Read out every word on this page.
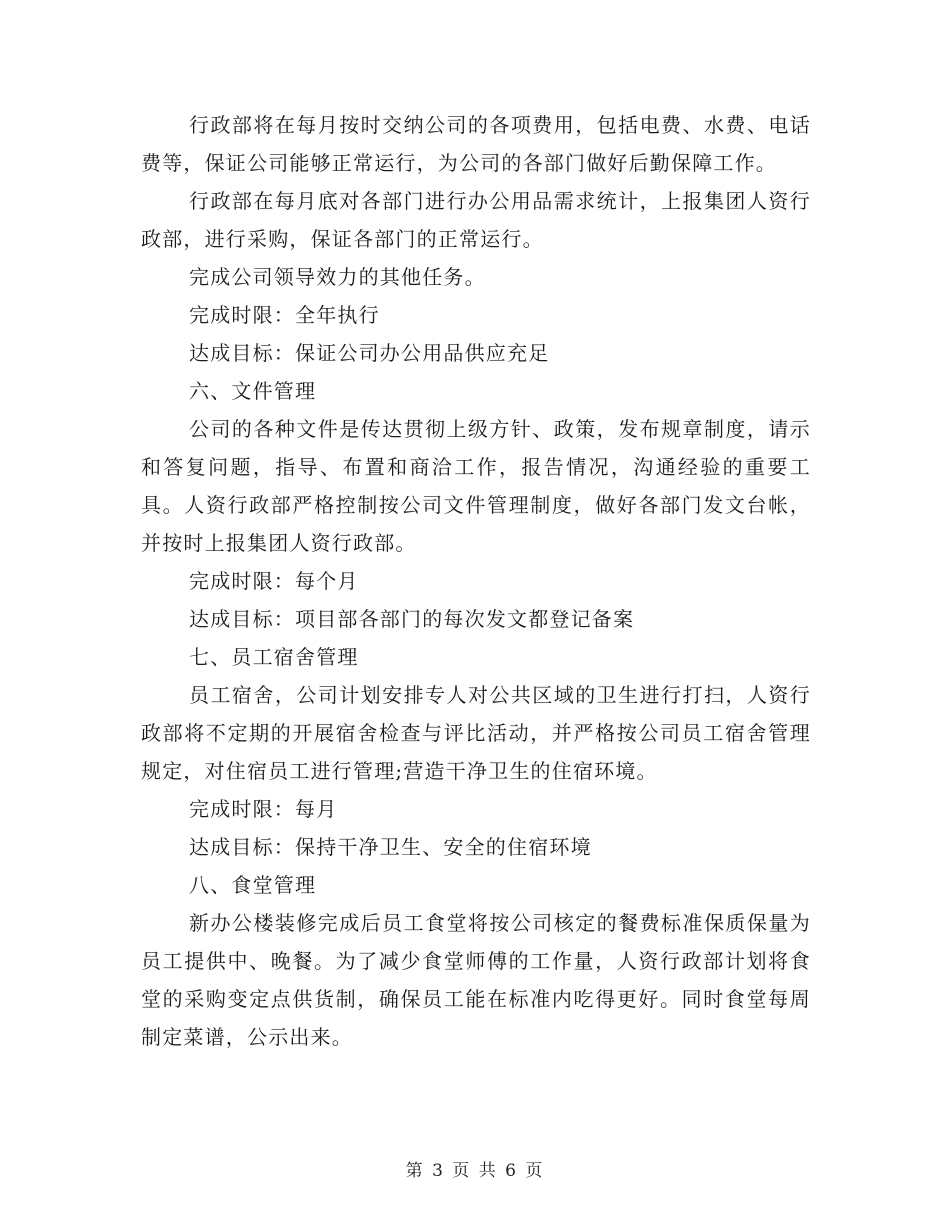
行政部将在每月按时交纳公司的各项费用，包括电费、水费、电话费等，保证公司能够正常运行，为公司的各部门做好后勤保障工作。

行政部在每月底对各部门进行办公用品需求统计，上报集团人资行政部，进行采购，保证各部门的正常运行。

完成公司领导效力的其他任务。

完成时限：全年执行

达成目标：保证公司办公用品供应充足

六、文件管理

公司的各种文件是传达贯彻上级方针、政策，发布规章制度，请示和答复问题，指导、布置和商洽工作，报告情况，沟通经验的重要工具。人资行政部严格控制按公司文件管理制度，做好各部门发文台帐，并按时上报集团人资行政部。

完成时限：每个月

达成目标：项目部各部门的每次发文都登记备案

七、员工宿舍管理

员工宿舍，公司计划安排专人对公共区域的卫生进行打扫，人资行政部将不定期的开展宿舍检查与评比活动，并严格按公司员工宿舍管理规定，对住宿员工进行管理;营造干净卫生的住宿环境。

完成时限：每月

达成目标：保持干净卫生、安全的住宿环境

八、食堂管理

新办公楼装修完成后员工食堂将按公司核定的餐费标准保质保量为员工提供中、晚餐。为了减少食堂师傅的工作量，人资行政部计划将食堂的采购变定点供货制，确保员工能在标准内吃得更好。同时食堂每周制定菜谱，公示出来。

第 3 页 共 6 页
